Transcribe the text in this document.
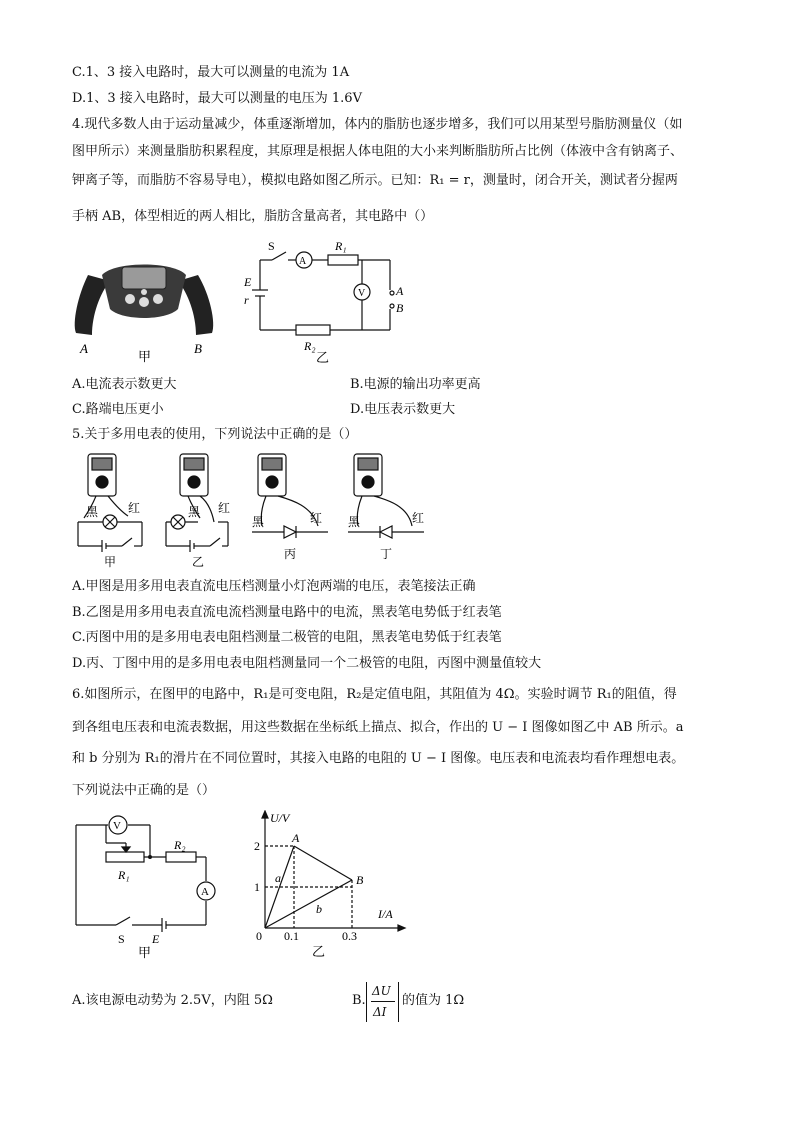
C.1、3 接入电路时，最大可以测量的电流为 1A
D.1、3 接入电路时，最大可以测量的电压为 1.6V
4.现代多数人由于运动量减少，体重逐渐增加，体内的脂肪也逐步增多，我们可以用某型号脂肪测量仪（如
图甲所示）来测量脂肪积累程度，其原理是根据人体电阻的大小来判断脂肪所占比例（体液中含有钠离子、
钾离子等，而脂肪不容易导电），模拟电路如图乙所示。已知：R₁ = r，测量时，闭合开关，测试者分握两
手柄 AB，体型相近的两人相比，脂肪含量高者，其电路中（）
A	B
甲
S
A
R₁
V
E
r
A
B
R₂
乙
A.电流表示数更大	B.电源的输出功率更高
C.路端电压更小	D.电压表示数更大
5.关于多用电表的使用，下列说法中正确的是（）
黑 红
甲
黑 红
乙
黑	红
丙
黑	红
丁
A.甲图是用多用电表直流电压档测量小灯泡两端的电压，表笔接法正确
B.乙图是用多用电表直流电流档测量电路中的电流，黑表笔电势低于红表笔
C.丙图中用的是多用电表电阻档测量二极管的电阻，黑表笔电势低于红表笔
D.丙、丁图中用的是多用电表电阻档测量同一个二极管的电阻，丙图中测量值较大
6.如图所示，在图甲的电路中，R₁是可变电阻，R₂是定值电阻，其阻值为 4Ω。实验时调节 R₁的阻值，得
到各组电压表和电流表数据，用这些数据在坐标纸上描点、拟合，作出的 U − I 图像如图乙中 AB 所示。a
和 b 分别为 R₁的滑片在不同位置时，其接入电路的电阻的 U − I 图像。电压表和电流表均看作理想电表。
下列说法中正确的是（）
V
R₁
R₂
A
S E
甲
U/V
I/A
2
1
0 0.1	0.3
A
B
a
b
乙
A.该电源电动势为 2.5V，内阻 5Ω	B.
ΔU
ΔI
的值为 1Ω
